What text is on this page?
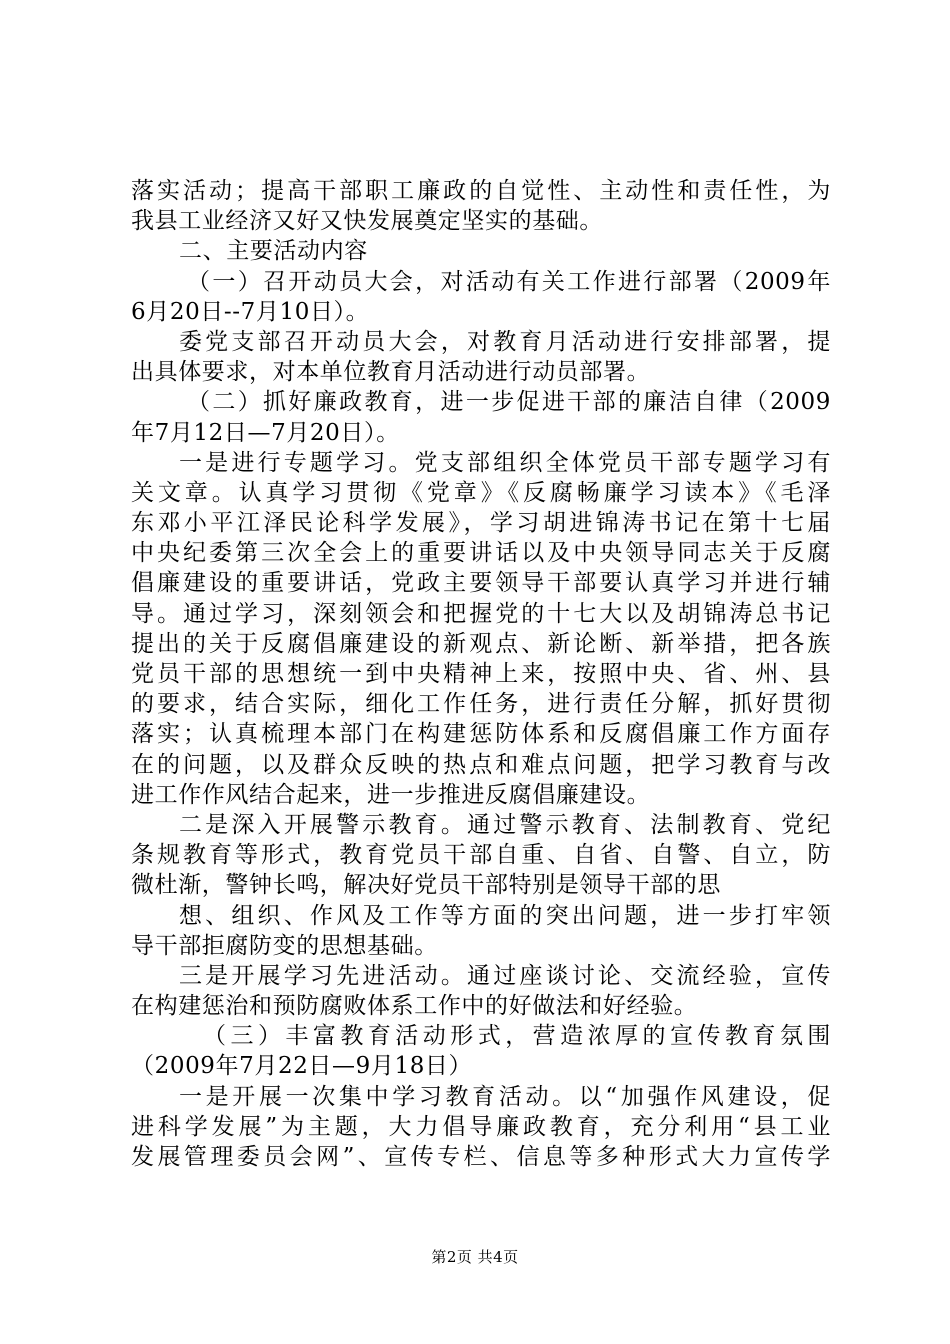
落实活动；提高干部职工廉政的自觉性、主动性和责任性，为
我县工业经济又好又快发展奠定坚实的基础。
二、主要活动内容
（一）召开动员大会，对活动有关工作进行部署（2009年
6月20日--7月10日）。
委党支部召开动员大会，对教育月活动进行安排部署，提
出具体要求，对本单位教育月活动进行动员部署。
（二）抓好廉政教育，进一步促进干部的廉洁自律（2009
年7月12日—7月20日）。
一是进行专题学习。党支部组织全体党员干部专题学习有
关文章。认真学习贯彻《党章》《反腐畅廉学习读本》《毛泽
东邓小平江泽民论科学发展》，学习胡进锦涛书记在第十七届
中央纪委第三次全会上的重要讲话以及中央领导同志关于反腐
倡廉建设的重要讲话，党政主要领导干部要认真学习并进行辅
导。通过学习，深刻领会和把握党的十七大以及胡锦涛总书记
提出的关于反腐倡廉建设的新观点、新论断、新举措，把各族
党员干部的思想统一到中央精神上来，按照中央、省、州、县
的要求，结合实际，细化工作任务，进行责任分解，抓好贯彻
落实；认真梳理本部门在构建惩防体系和反腐倡廉工作方面存
在的问题，以及群众反映的热点和难点问题，把学习教育与改
进工作作风结合起来，进一步推进反腐倡廉建设。
二是深入开展警示教育。通过警示教育、法制教育、党纪
条规教育等形式，教育党员干部自重、自省、自警、自立，防
微杜渐，警钟长鸣，解决好党员干部特别是领导干部的思
想、组织、作风及工作等方面的突出问题，进一步打牢领
导干部拒腐防变的思想基础。
三是开展学习先进活动。通过座谈讨论、交流经验，宣传
在构建惩治和预防腐败体系工作中的好做法和好经验。
（三）丰富教育活动形式，营造浓厚的宣传教育氛围
（2009年7月22日—9月18日）
一是开展一次集中学习教育活动。以“加强作风建设，促
进科学发展”为主题，大力倡导廉政教育，充分利用“县工业
发展管理委员会网”、宣传专栏、信息等多种形式大力宣传学
第2页 共4页
